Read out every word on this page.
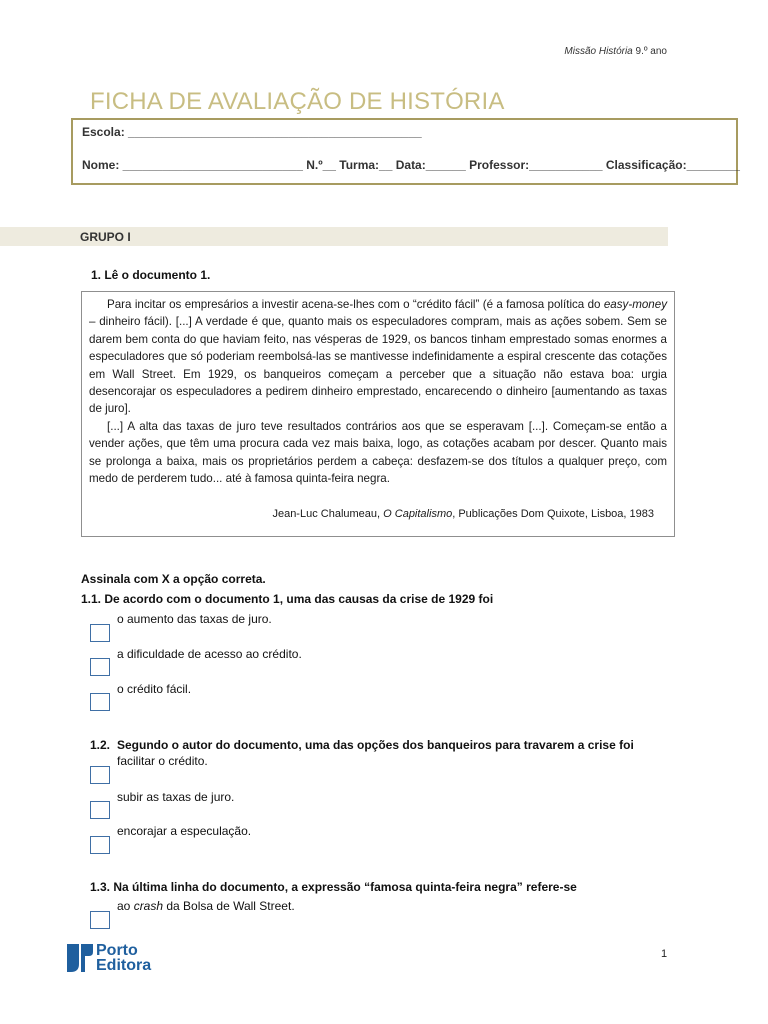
Missão História 9.º ano
FICHA DE AVALIAÇÃO DE HISTÓRIA
Escola: ____________________________________________
Nome: ___________________________ N.º__ Turma:__ Data:______ Professor:___________ Classificação:________
GRUPO I
1. Lê o documento 1.

Para incitar os empresários a investir acena-se-lhes com o “crédito fácil” (é a famosa política do easy-money – dinheiro fácil). [...] A verdade é que, quanto mais os especuladores compram, mais as ações sobem. Sem se darem bem conta do que haviam feito, nas vésperas de 1929, os bancos tinham emprestado somas enormes a especuladores que só poderiam reembolsá-las se mantivesse indefinidamente a espiral crescente das cotações em Wall Street. Em 1929, os banqueiros começam a perceber que a situação não estava boa: urgia desencorajar os especuladores a pedirem dinheiro emprestado, encarecendo o dinheiro [aumentando as taxas de juro].

[...] A alta das taxas de juro teve resultados contrários aos que se esperavam [...]. Começam-se então a vender ações, que têm uma procura cada vez mais baixa, logo, as cotações acabam por descer. Quanto mais se prolonga a baixa, mais os proprietários perdem a cabeça: desfazem-se dos títulos a qualquer preço, com medo de perderem tudo... até à famosa quinta-feira negra.

Jean-Luc Chalumeau, O Capitalismo, Publicações Dom Quixote, Lisboa, 1983
Assinala com X a opção correta.
1.1. De acordo com o documento 1, uma das causas da crise de 1929 foi
o aumento das taxas de juro.
a dificuldade de acesso ao crédito.
o crédito fácil.
1.2. Segundo o autor do documento, uma das opções dos banqueiros para travarem a crise foi
facilitar o crédito.
subir as taxas de juro.
encorajar a especulação.
1.3. Na última linha do documento, a expressão “famosa quinta-feira negra” refere-se
ao crash da Bolsa de Wall Street.
Porto
Editora
1
